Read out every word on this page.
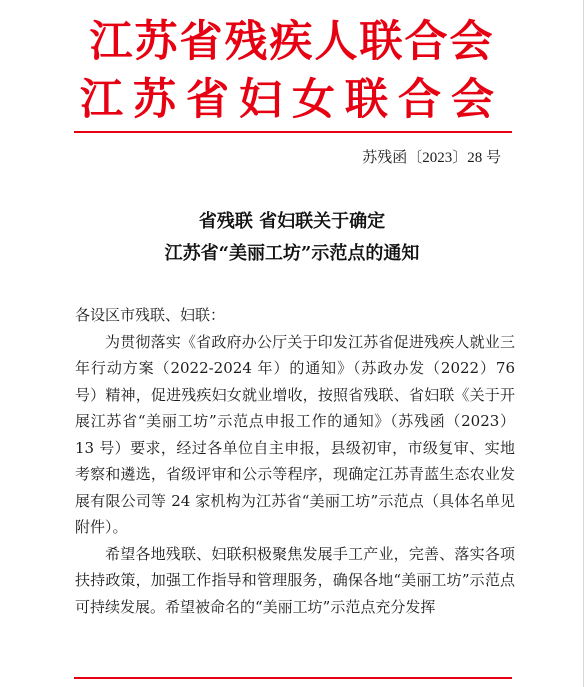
江苏省残疾人联合会
江苏省妇女联合会
苏残函〔2023〕28 号
省残联 省妇联关于确定
江苏省“美丽工坊”示范点的通知

各设区市残联、妇联：

为贯彻落实《省政府办公厅关于印发江苏省促进残疾人就业三年行动方案（2022-2024 年）的通知》（苏政办发（2022）76 号）精神，促进残疾妇女就业增收，按照省残联、省妇联《关于开展江苏省“美丽工坊”示范点申报工作的通知》（苏残函（2023）13 号）要求，经过各单位自主申报，县级初审，市级复审、实地考察和遴选，省级评审和公示等程序，现确定江苏青蓝生态农业发展有限公司等 24 家机构为江苏省“美丽工坊”示范点（具体名单见附件）。

希望各地残联、妇联积极聚焦发展手工产业，完善、落实各项扶持政策，加强工作指导和管理服务，确保各地“美丽工坊”示范点可持续发展。希望被命名的“美丽工坊”示范点充分发挥
